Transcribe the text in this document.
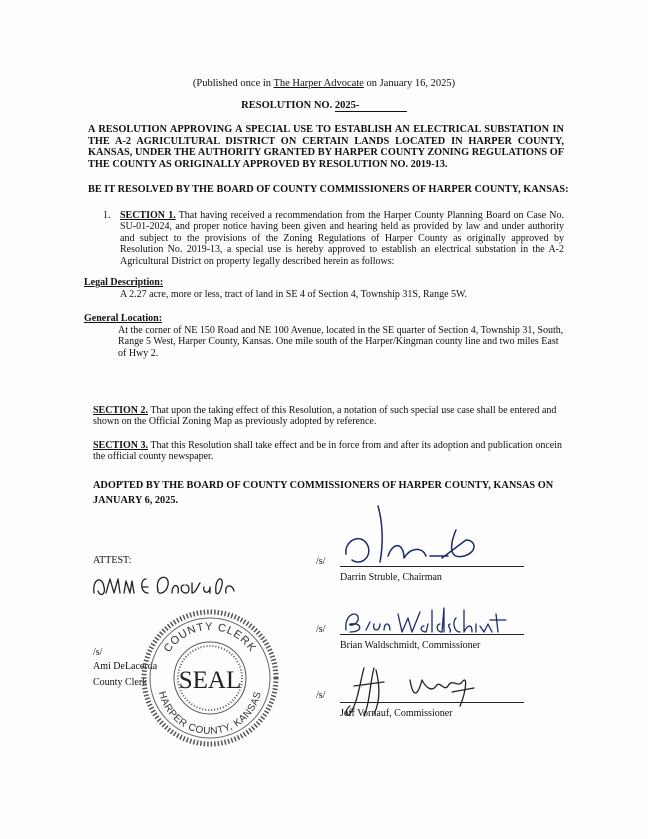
(Published once in The Harper Advocate on January 16, 2025)
RESOLUTION NO. 2025-
A RESOLUTION APPROVING A SPECIAL USE TO ESTABLISH AN ELECTRICAL SUBSTATION IN THE A-2 AGRICULTURAL DISTRICT ON CERTAIN LANDS LOCATED IN HARPER COUNTY, KANSAS, UNDER THE AUTHORITY GRANTED BY HARPER COUNTY ZONING REGULATIONS OF THE COUNTY AS ORIGINALLY APPROVED BY RESOLUTION NO. 2019-13.
BE IT RESOLVED BY THE BOARD OF COUNTY COMMISSIONERS OF HARPER COUNTY, KANSAS:
1. SECTION 1. That having received a recommendation from the Harper County Planning Board on Case No. SU-01-2024, and proper notice having been given and hearing held as provided by law and under authority and subject to the provisions of the Zoning Regulations of Harper County as originally approved by Resolution No. 2019-13, a special use is hereby approved to establish an electrical substation in the A-2 Agricultural District on property legally described herein as follows:
Legal Description:
A 2.27 acre, more or less, tract of land in SE 4 of Section 4, Township 31S, Range 5W.
General Location:
At the corner of NE 150 Road and NE 100 Avenue, located in the SE quarter of Section 4, Township 31, South, Range 5 West, Harper County, Kansas. One mile south of the Harper/Kingman county line and two miles East of Hwy 2.
SECTION 2. That upon the taking effect of this Resolution, a notation of such special use case shall be entered and shown on the Official Zoning Map as previously adopted by reference.
SECTION 3. That this Resolution shall take effect and be in force from and after its adoption and publication oncein the official county newspaper.
ADOPTED BY THE BOARD OF COUNTY COMMISSIONERS OF HARPER COUNTY, KANSAS ON JANUARY 6, 2025.
ATTEST:
/s/
Ami DeLacerda
County Clerk
COUNTY CLERK
HARPER COUNTY, KANSAS
SEAL
/s/
Darrin Struble, Chairman
/s/
Brian Waldschmidt, Commissioner
/s/
Jeff Vornauf, Commissioner
